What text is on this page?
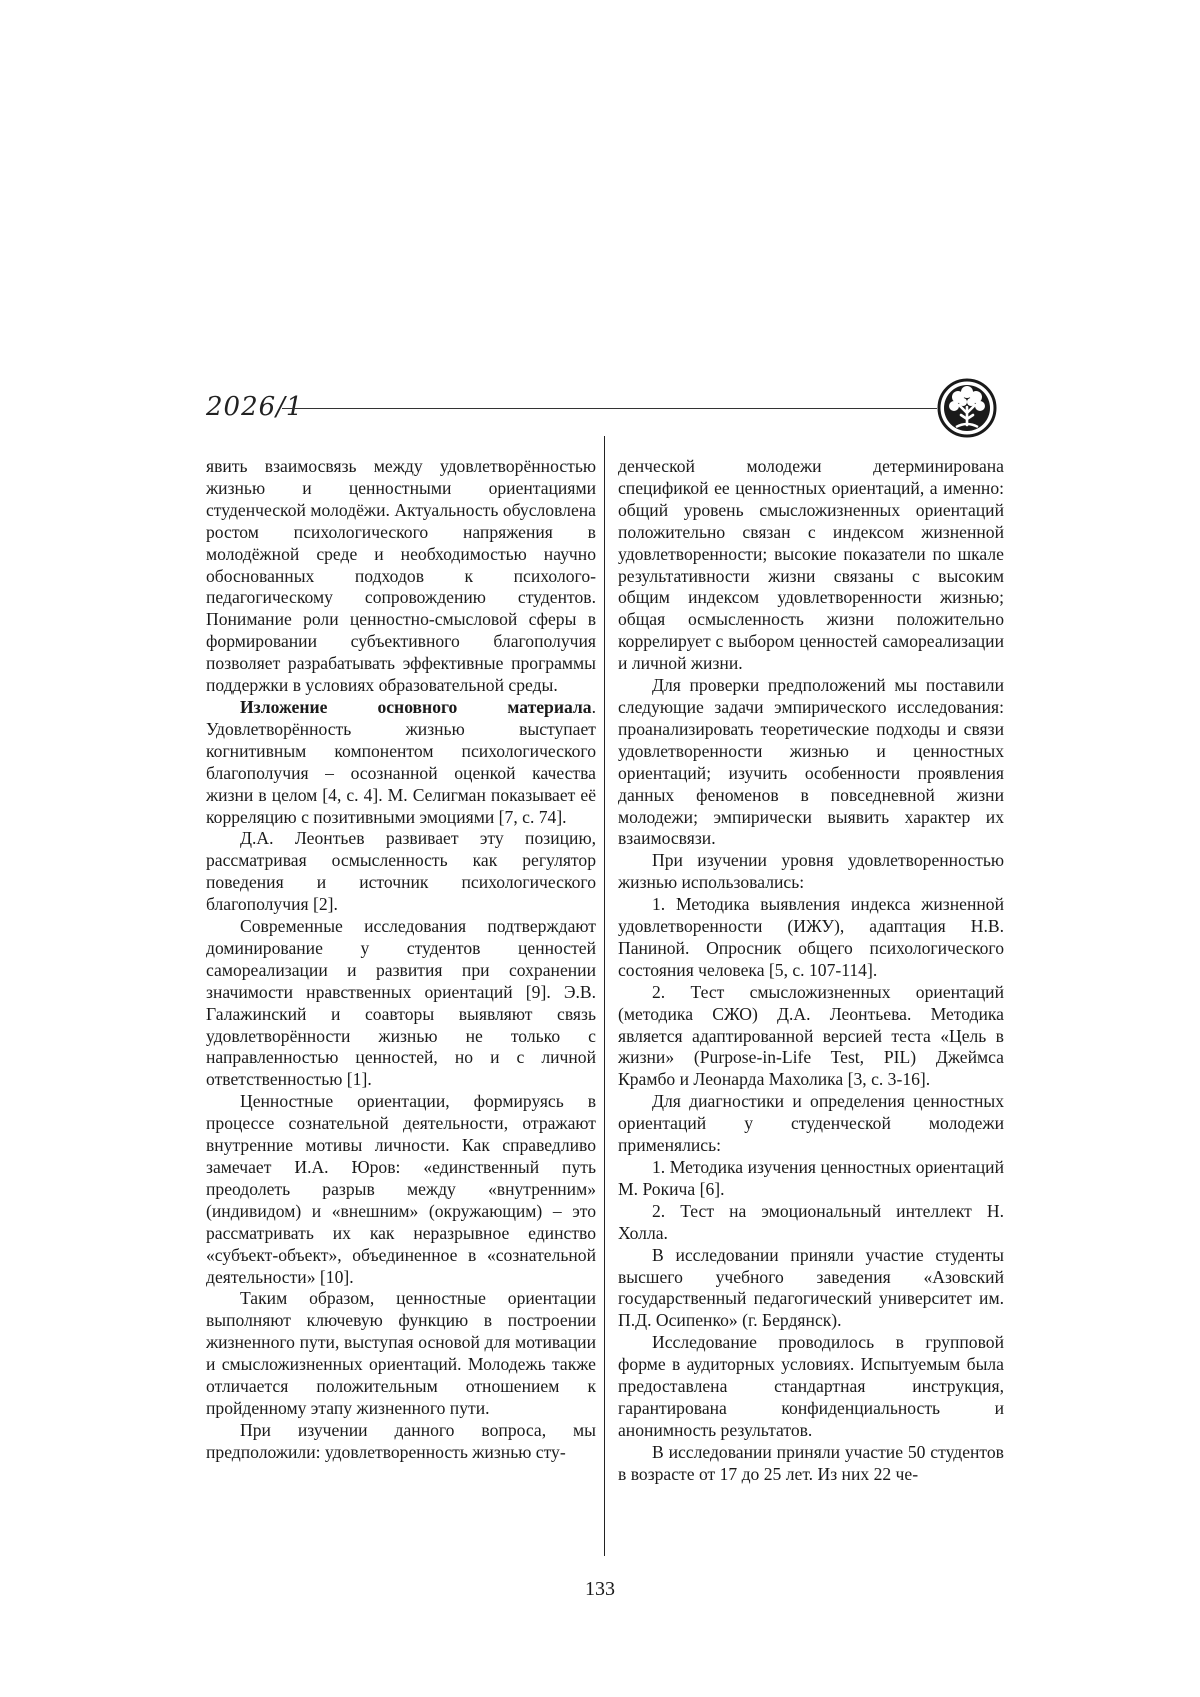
2026/1

явить взаимосвязь между удовлетворённостью жизнью и ценностными ориентациями студенческой молодёжи. Актуальность обусловлена ростом психологического напряжения в молодёжной среде и необходимостью научно обоснованных подходов к психолого-педагогическому сопровождению студентов. Понимание роли ценностно-смысловой сферы в формировании субъективного благополучия позволяет разрабатывать эффективные программы поддержки в условиях образовательной среды.

Изложение основного материала. Удовлетворённость жизнью выступает когнитивным компонентом психологического благополучия – осознанной оценкой качества жизни в целом [4, с. 4]. М. Селигман показывает её корреляцию с позитивными эмоциями [7, с. 74].

Д.А. Леонтьев развивает эту позицию, рассматривая осмысленность как регулятор поведения и источник психологического благополучия [2].

Современные исследования подтверждают доминирование у студентов ценностей самореализации и развития при сохранении значимости нравственных ориентаций [9]. Э.В. Галажинский и соавторы выявляют связь удовлетворённости жизнью не только с направленностью ценностей, но и с личной ответственностью [1].

Ценностные ориентации, формируясь в процессе сознательной деятельности, отражают внутренние мотивы личности. Как справедливо замечает И.А. Юров: «единственный путь преодолеть разрыв между «внутренним» (индивидом) и «внешним» (окружающим) – это рассматривать их как неразрывное единство «субъект-объект», объединенное в «сознательной деятельности» [10].

Таким образом, ценностные ориентации выполняют ключевую функцию в построении жизненного пути, выступая основой для мотивации и смысложизненных ориентаций. Молодежь также отличается положительным отношением к пройденному этапу жизненного пути.

При изучении данного вопроса, мы предположили: удовлетворенность жизнью сту-

денческой молодежи детерминирована спецификой ее ценностных ориентаций, а именно: общий уровень смысложизненных ориентаций положительно связан с индексом жизненной удовлетворенности; высокие показатели по шкале результативности жизни связаны с высоким общим индексом удовлетворенности жизнью; общая осмысленность жизни положительно коррелирует с выбором ценностей самореализации и личной жизни.

Для проверки предположений мы поставили следующие задачи эмпирического исследования: проанализировать теоретические подходы и связи удовлетворенности жизнью и ценностных ориентаций; изучить особенности проявления данных феноменов в повседневной жизни молодежи; эмпирически выявить характер их взаимосвязи.

При изучении уровня удовлетворенностью жизнью использовались:

1. Методика выявления индекса жизненной удовлетворенности (ИЖУ), адаптация Н.В. Паниной. Опросник общего психологического состояния человека [5, с. 107-114].

2. Тест смысложизненных ориентаций (методика СЖО) Д.А. Леонтьева. Методика является адаптированной версией теста «Цель в жизни» (Purpose-in-Life Test, PIL) Джеймса Крамбо и Леонарда Махолика [3, с. 3-16].

Для диагностики и определения ценностных ориентаций у студенческой молодежи применялись:

1. Методика изучения ценностных ориентаций М. Рокича [6].

2. Тест на эмоциональный интеллект Н. Холла.

В исследовании приняли участие студенты высшего учебного заведения «Азовский государственный педагогический университет им. П.Д. Осипенко» (г. Бердянск).

Исследование проводилось в групповой форме в аудиторных условиях. Испытуемым была предоставлена стандартная инструкция, гарантирована конфиденциальность и анонимность результатов.

В исследовании приняли участие 50 студентов в возрасте от 17 до 25 лет. Из них 22 че-

133
